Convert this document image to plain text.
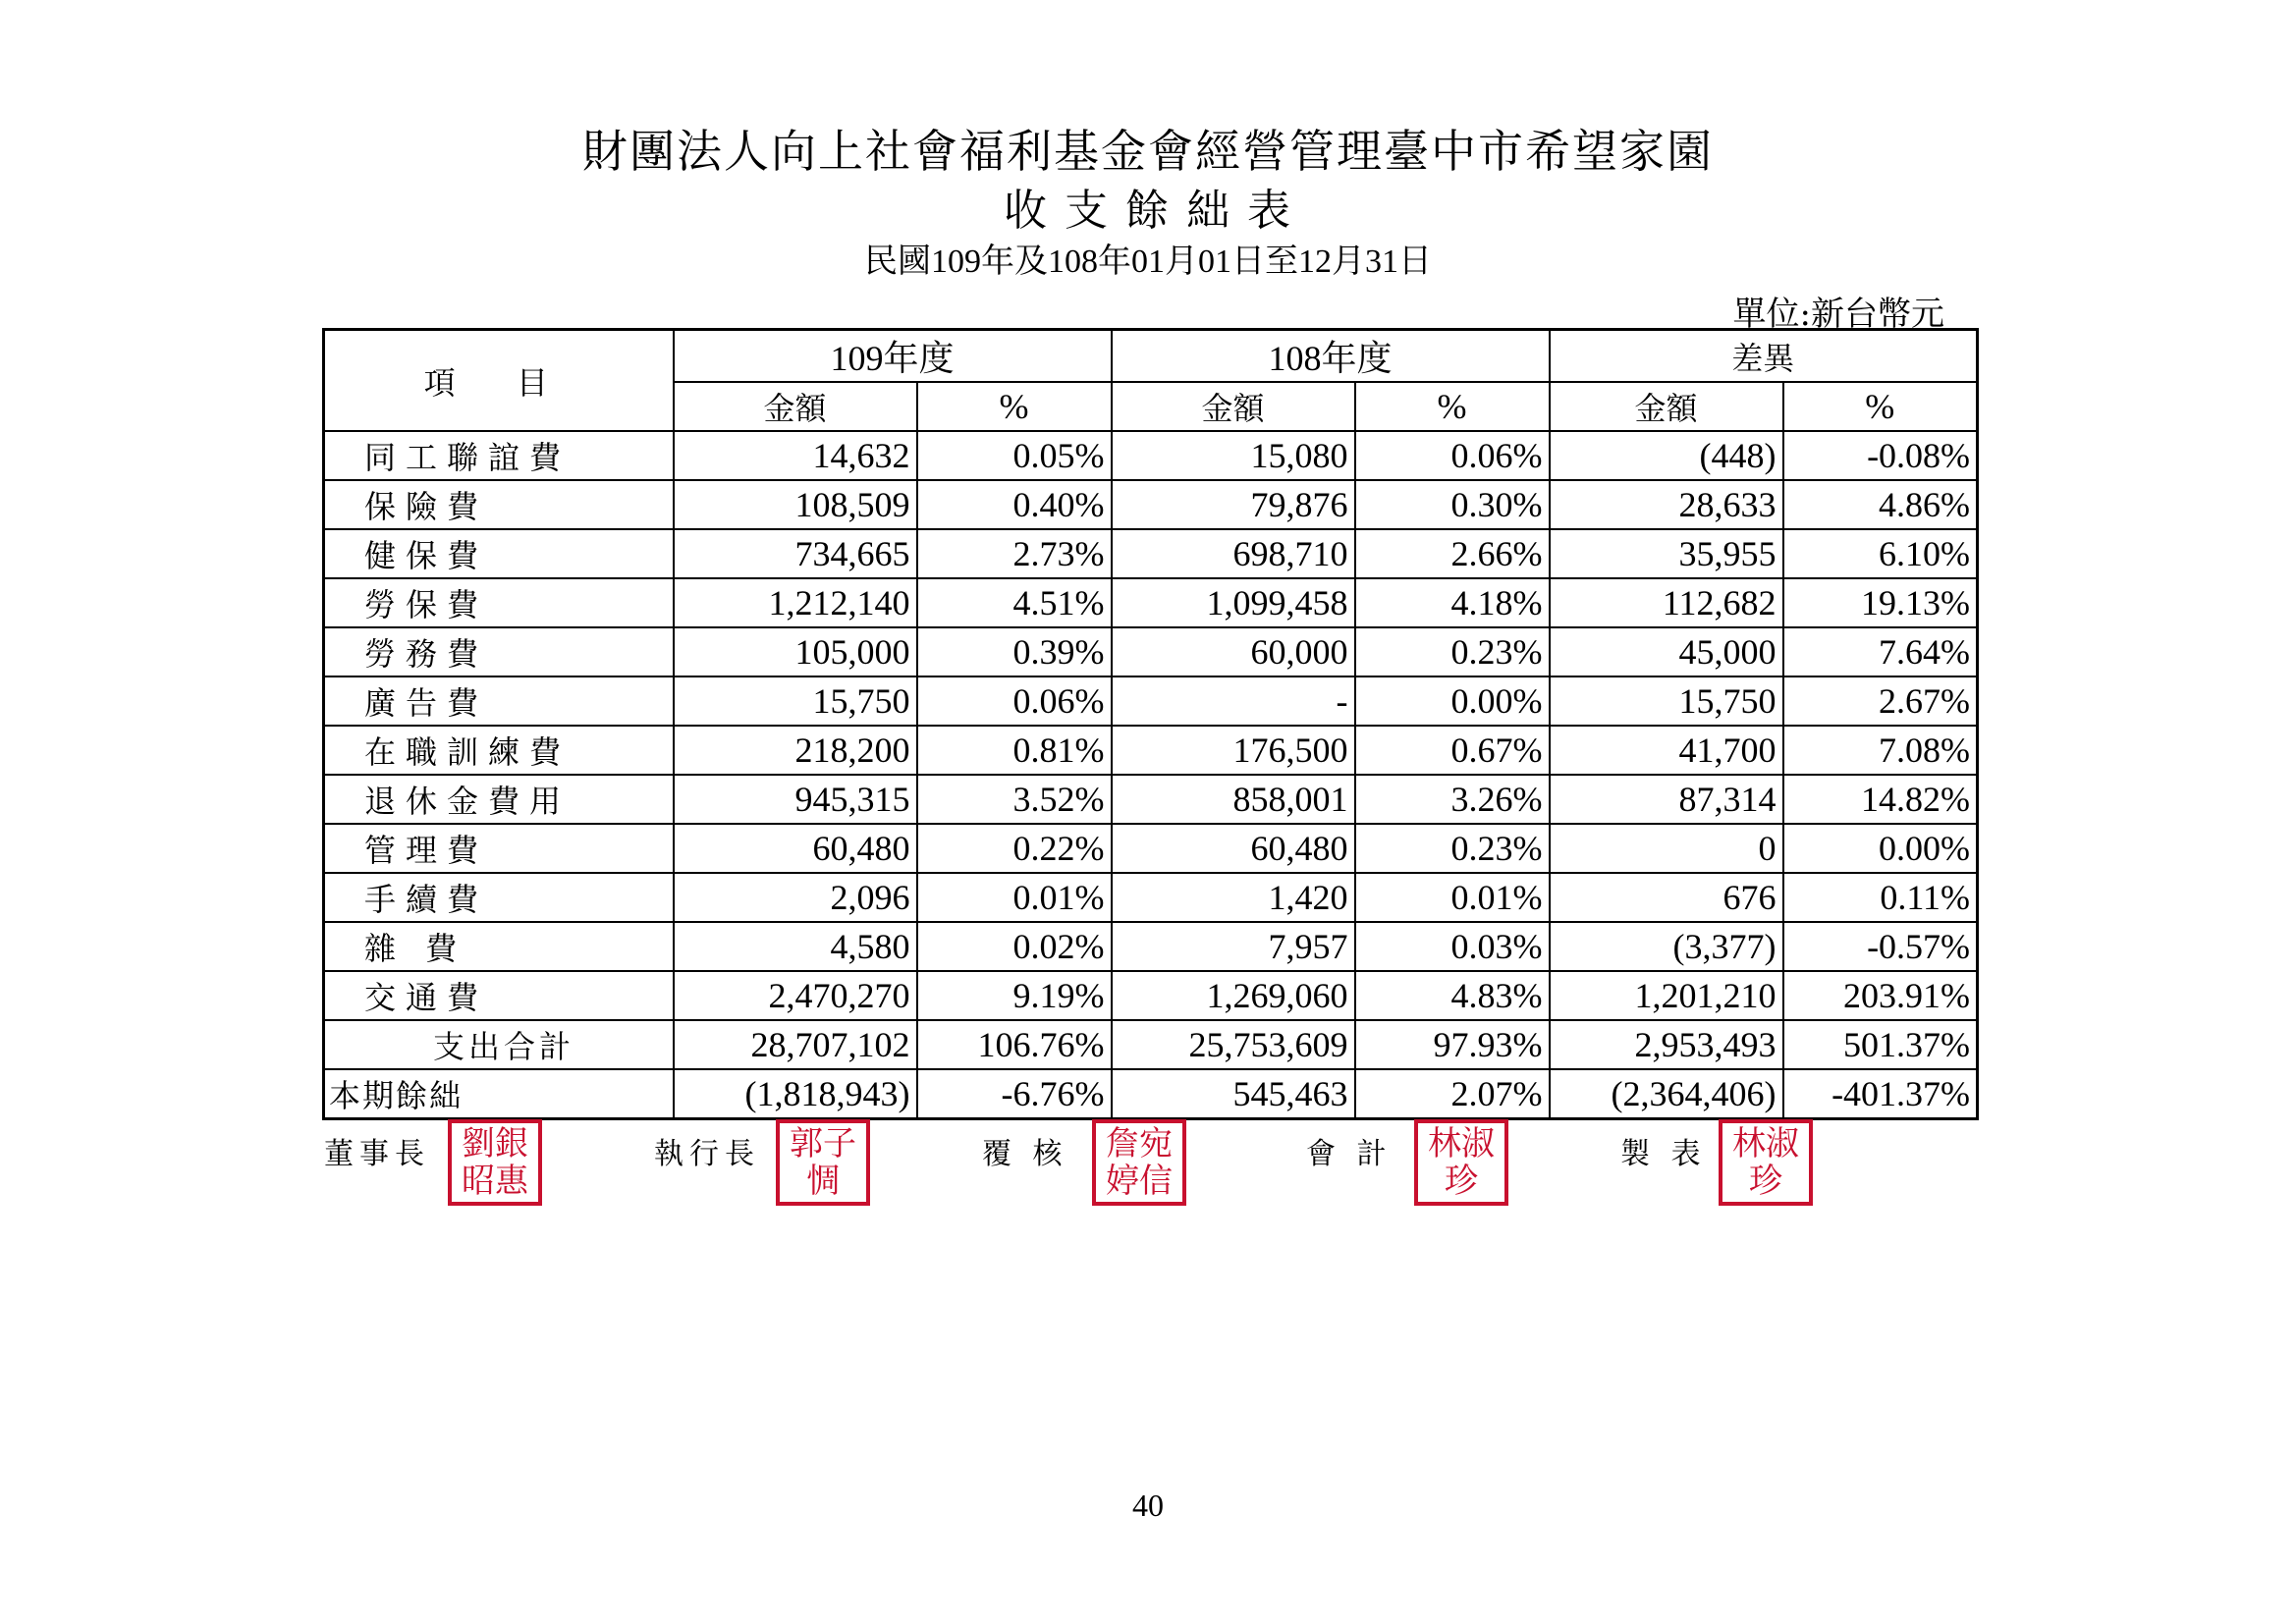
財團法人向上社會福利基金會經營管理臺中市希望家園
收 支 餘 絀 表
民國109年及108年01月01日至12月31日
單位:新台幣元
項 目	109年度		108年度		差異	
	金額	%	金額	%	金額	%
同工聯誼費	14,632	0.05%	15,080	0.06%	(448)	-0.08%
保險費	108,509	0.40%	79,876	0.30%	28,633	4.86%
健保費	734,665	2.73%	698,710	2.66%	35,955	6.10%
勞保費	1,212,140	4.51%	1,099,458	4.18%	112,682	19.13%
勞務費	105,000	0.39%	60,000	0.23%	45,000	7.64%
廣告費	15,750	0.06%	-	0.00%	15,750	2.67%
在職訓練費	218,200	0.81%	176,500	0.67%	41,700	7.08%
退休金費用	945,315	3.52%	858,001	3.26%	87,314	14.82%
管理費	60,480	0.22%	60,480	0.23%	0	0.00%
手續費	2,096	0.01%	1,420	0.01%	676	0.11%
雜 費	4,580	0.02%	7,957	0.03%	(3,377)	-0.57%
交通費	2,470,270	9.19%	1,269,060	4.83%	1,201,210	203.91%
支出合計	28,707,102	106.76%	25,753,609	97.93%	2,953,493	501.37%
本期餘絀	(1,818,943)	-6.76%	545,463	2.07%	(2,364,406)	-401.37%
董事長 劉銀昭惠
執行長 郭子惆
覆 核 詹宛婷信
會 計 林淑珍
製 表 林淑珍
40
